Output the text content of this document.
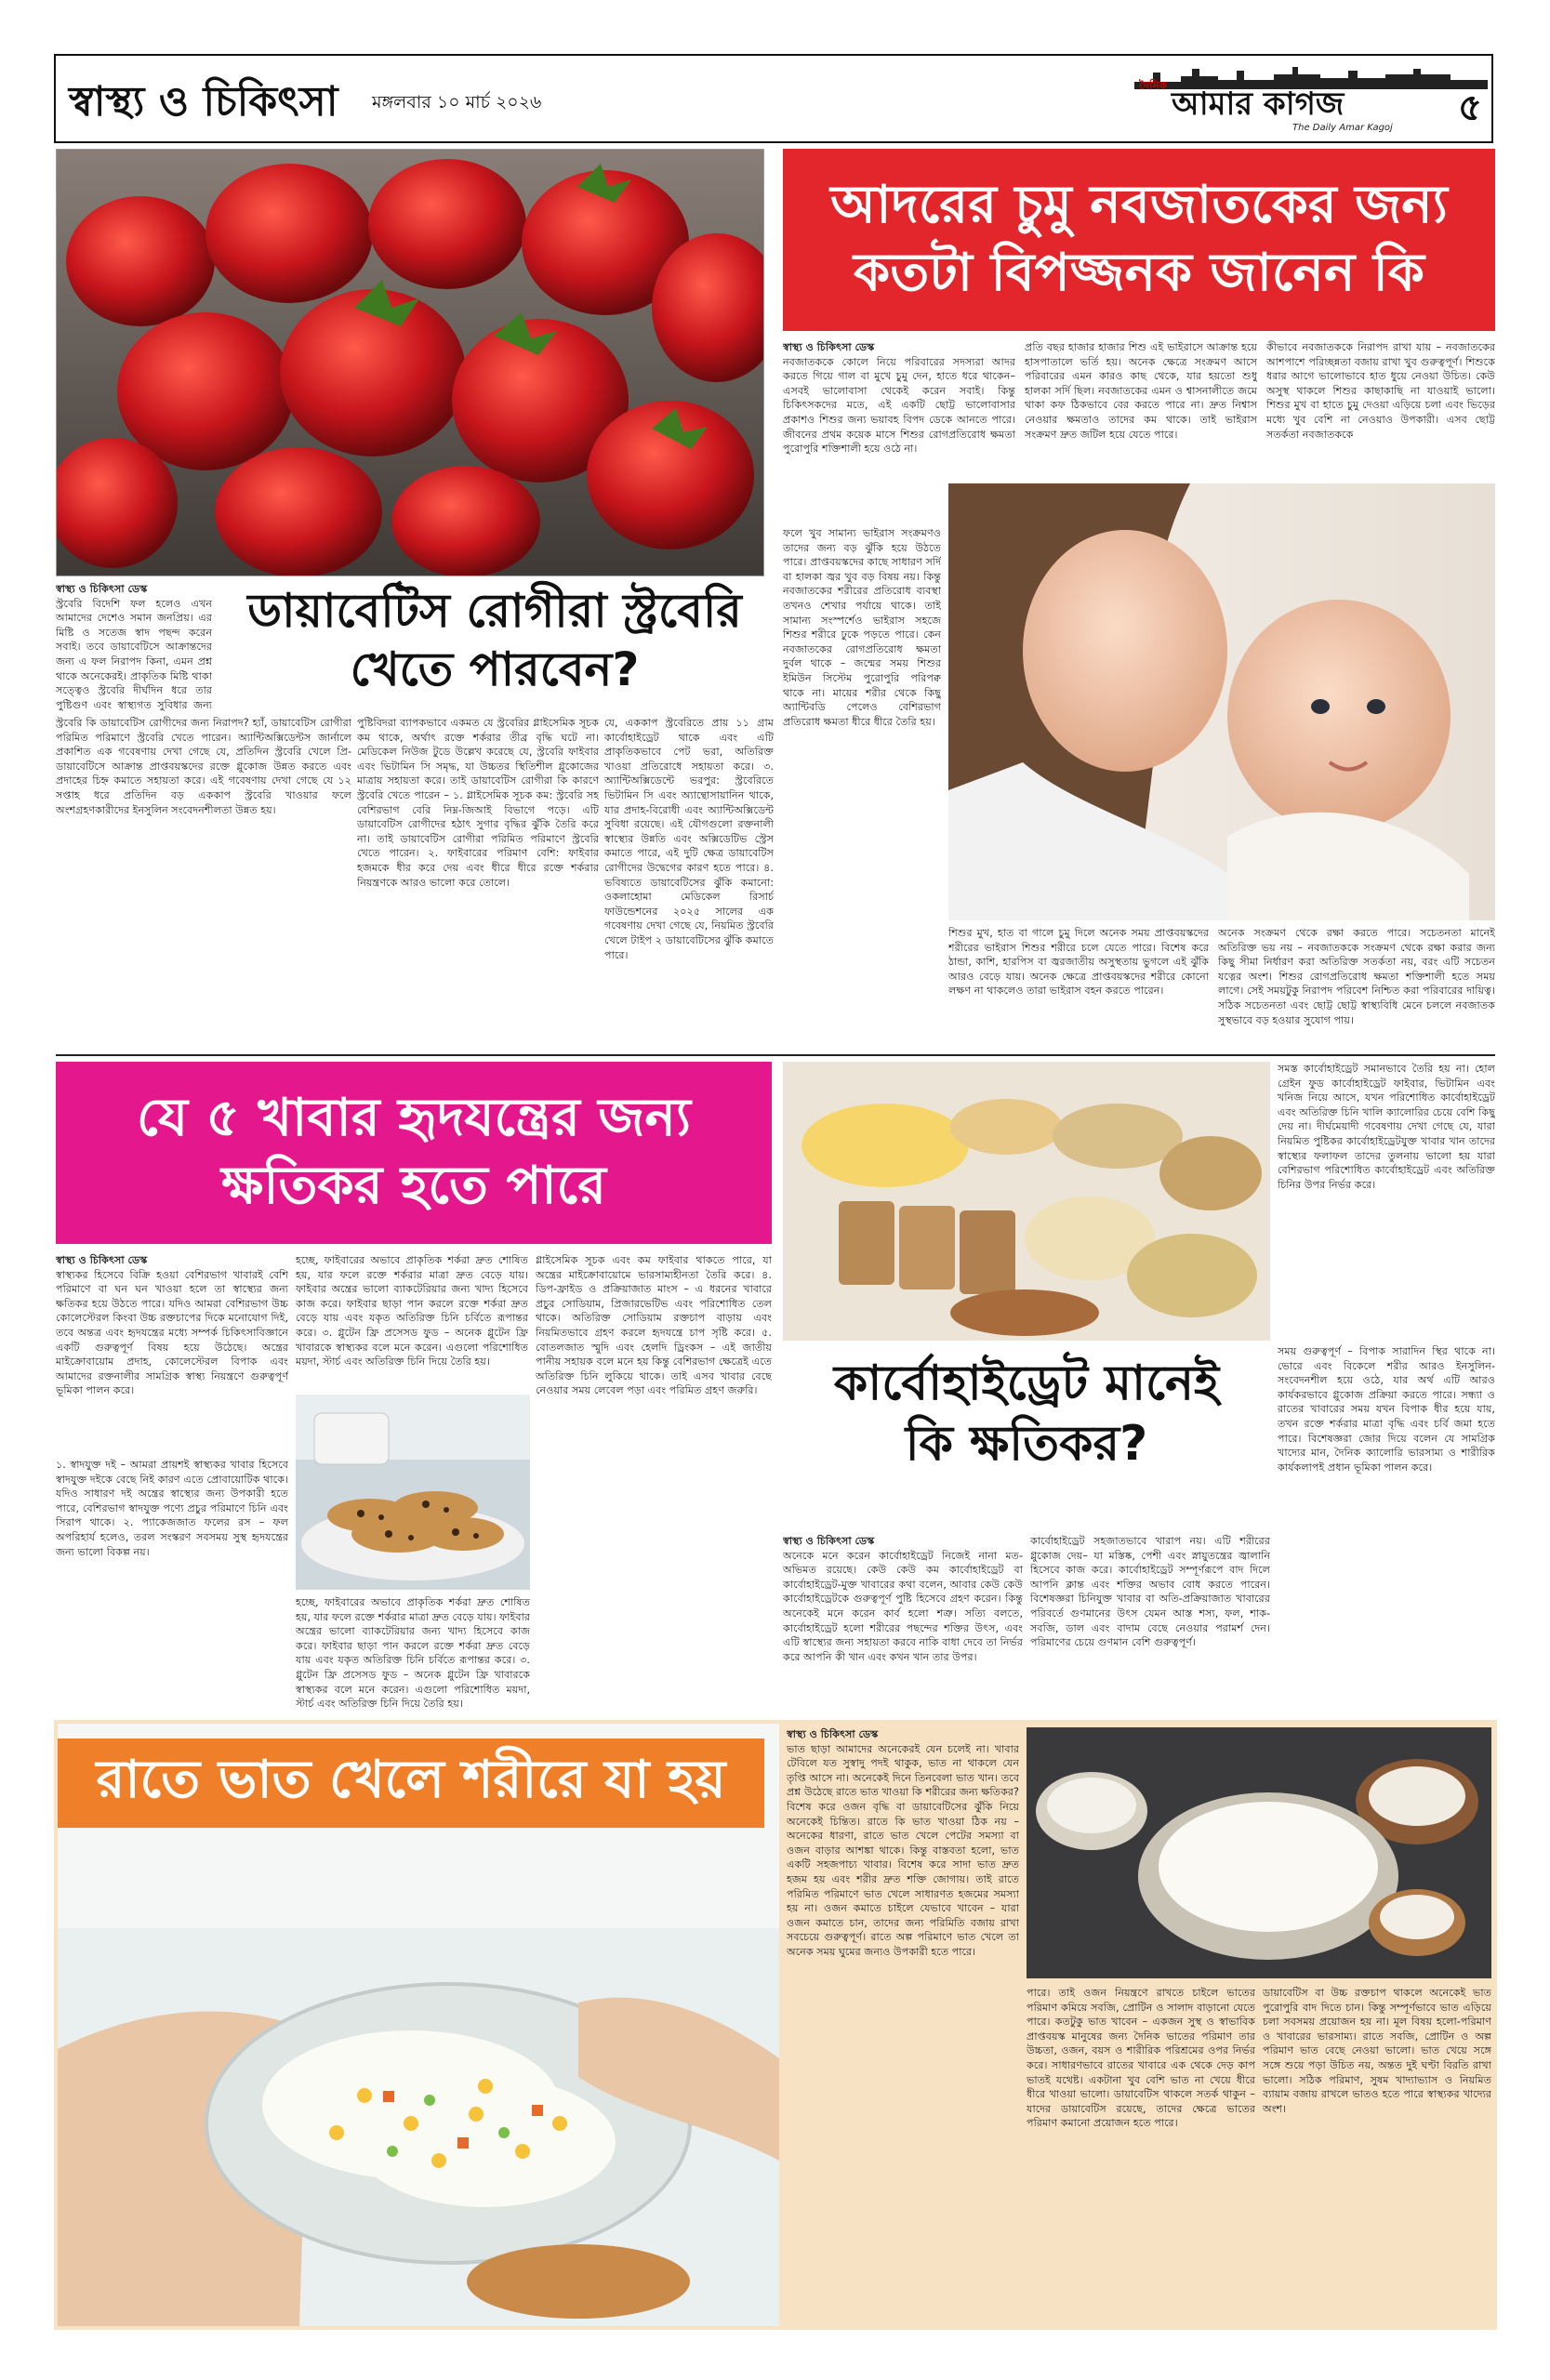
স্বাস্থ্য ও চিকিৎসা মঙ্গলবার ১০ মার্চ ২০২৬
দৈনিক আমার কাগজ
The Daily Amar Kagoj ৫
আদরের চুমু নবজাতকের জন্য
কতটা বিপজ্জনক জানেন কি
স্বাস্থ্য ও চিকিৎসা ডেস্ক
নবজাতককে কোলে নিয়ে পরিবারের সদস্যরা আদর করতে গিয়ে গাল বা মুখে চুমু দেন, হাতে ধরে থাকেন– এসবই ভালোবাসা থেকেই করেন সবাই। কিন্তু চিকিৎসকদের মতে, এই একটি ছোট্ট ভালোবাসার প্রকাশও শিশুর জন্য ভয়াবহ বিপদ ডেকে আনতে পারে। জীবনের প্রথম কয়েক মাসে শিশুর রোগপ্রতিরোধ ক্ষমতা পুরোপুরি শক্তিশালী হয়ে ওঠে না।
প্রতি বছর হাজার হাজার শিশু এই ভাইরাসে আক্রান্ত হয়ে হাসপাতালে ভর্তি হয়। অনেক ক্ষেত্রে সংক্রমণ আসে পরিবারের এমন কারও কাছ থেকে, যার হয়তো শুধু হালকা সর্দি ছিল। নবজাতকের এমন ও শ্বাসনালীতে জমে থাকা কফ ঠিকভাবে বের করতে পারে না। দ্রুত নিশ্বাস নেওয়ার ক্ষমতাও তাদের কম থাকে। তাই ভাইরাস সংক্রমণ দ্রুত জটিল হয়ে যেতে পারে।
কীভাবে নবজাতককে নিরাপদ রাখা যায় – নবজাতকের আশপাশে পরিচ্ছন্নতা বজায় রাখা খুব গুরুত্বপূর্ণ। শিশুকে ধরার আগে ভালোভাবে হাত ধুয়ে নেওয়া উচিত। কেউ অসুস্থ থাকলে শিশুর কাছাকাছি না যাওয়াই ভালো। শিশুর মুখ বা হাতে চুমু দেওয়া এড়িয়ে চলা এবং ভিড়ের মধ্যে খুব বেশি না নেওয়াও উপকারী। এসব ছোট্ট সতর্কতা নবজাতককে
ফলে খুব সামান্য ভাইরাস সংক্রমণও তাদের জন্য বড় ঝুঁকি হয়ে উঠতে পারে। প্রাপ্তবয়স্কদের কাছে সাধারণ সর্দি বা হালকা জ্বর খুব বড় বিষয় নয়। কিন্তু নবজাতকের শরীরের প্রতিরোধ ব্যবস্থা তখনও শেখার পর্যায়ে থাকে। তাই সামান্য সংস্পর্শেও ভাইরাস সহজে শিশুর শরীরে ঢুকে পড়তে পারে। কেন নবজাতকের রোগপ্রতিরোধ ক্ষমতা দুর্বল থাকে – জন্মের সময় শিশুর ইমিউন সিস্টেম পুরোপুরি পরিপক্ব থাকে না। মায়ের শরীর থেকে কিছু অ্যান্টিবডি পেলেও বেশিরভাগ প্রতিরোধ ক্ষমতা ধীরে ধীরে তৈরি হয়।
শিশুর মুখ, হাত বা গালে চুমু দিলে অনেক সময় প্রাপ্তবয়স্কদের শরীরের ভাইরাস শিশুর শরীরে চলে যেতে পারে। বিশেষ করে ঠান্ডা, কাশি, হারপিস বা জ্বরজাতীয় অসুস্থতায় ভুগলে এই ঝুঁকি আরও বেড়ে যায়। অনেক ক্ষেত্রে প্রাপ্তবয়স্কদের শরীরে কোনো লক্ষণ না থাকলেও তারা ভাইরাস বহন করতে পারেন।
অনেক সংক্রমণ থেকে রক্ষা করতে পারে। সচেতনতা মানেই অতিরিক্ত ভয় নয় – নবজাতককে সংক্রমণ থেকে রক্ষা করার জন্য কিছু সীমা নির্ধারণ করা অতিরিক্ত সতর্কতা নয়, বরং এটি সচেতন যত্নের অংশ। শিশুর রোগপ্রতিরোধ ক্ষমতা শক্তিশালী হতে সময় লাগে। সেই সময়টুকু নিরাপদ পরিবেশ নিশ্চিত করা পরিবারের দায়িত্ব। সঠিক সচেতনতা এবং ছোট্ট ছোট্ট স্বাস্থ্যবিধি মেনে চললে নবজাতক সুস্থভাবে বড় হওয়ার সুযোগ পায়।
ডায়াবেটিস রোগীরা স্ট্রবেরি
খেতে পারবেন?
স্বাস্থ্য ও চিকিৎসা ডেস্ক
স্ট্রবেরি বিদেশি ফল হলেও এখন আমাদের দেশেও সমান জনপ্রিয়। এর মিষ্টি ও সতেজ স্বাদ পছন্দ করেন সবাই। তবে ডায়াবেটিসে আক্রান্তদের জন্য এ ফল নিরাপদ কিনা, এমন প্রশ্ন থাকে অনেকেরই। প্রাকৃতিক মিষ্টি থাকা সত্ত্বেও স্ট্রবেরি দীর্ঘদিন ধরে তার পুষ্টিগুণ এবং স্বাস্থ্যগত সুবিধার জন্য
স্ট্রবেরি কি ডায়াবেটিস রোগীদের জন্য নিরাপদ? হ্যাঁ, ডায়াবেটিস রোগীরা পরিমিত পরিমাণে স্ট্রবেরি খেতে পারেন। অ্যান্টিঅক্সিডেন্টস জার্নালে প্রকাশিত এক গবেষণায় দেখা গেছে যে, প্রতিদিন স্ট্রবেরি খেলে প্রি-ডায়াবেটিসে আক্রান্ত প্রাপ্তবয়স্কদের রক্তে গ্লুকোজ উন্নত করতে এবং প্রদাহের চিহ্ন কমাতে সহায়তা করে। এই গবেষণায় দেখা গেছে যে ১২ সপ্তাহ ধরে প্রতিদিন বড় এককাপ স্ট্রবেরি খাওয়ার ফলে অংশগ্রহণকারীদের ইনসুলিন সংবেদনশীলতা উন্নত হয়।
পুষ্টিবিদরা ব্যাপকভাবে একমত যে স্ট্রবেরির গ্লাইসেমিক সূচক কম থাকে, অর্থাৎ রক্তে শর্করার তীব্র বৃদ্ধি ঘটে না। মেডিকেল নিউজ টুডে উল্লেখ করেছে যে, স্ট্রবেরি ফাইবার এবং ভিটামিন সি সমৃদ্ধ, যা উচ্চতর স্থিতিশীল গ্লুকোজের মাত্রায় সহায়তা করে। তাই ডায়াবেটিস রোগীরা কি কারণে স্ট্রবেরি খেতে পারেন – ১. গ্লাইসেমিক সূচক কম: স্ট্রবেরি সহ বেশিরভাগ বেরি নিম্ন-জিআই বিভাগে পড়ে। এটি ডায়াবেটিস রোগীদের হঠাৎ সুগার বৃদ্ধির ঝুঁকি তৈরি করে না। তাই ডায়াবেটিস রোগীরা পরিমিত পরিমাণে স্ট্রবেরি খেতে পারেন। ২. ফাইবারের পরিমাণ বেশি: ফাইবার হজমকে ধীর করে দেয় এবং ধীরে ধীরে রক্তে শর্করার নিয়ন্ত্রণকে আরও ভালো করে তোলে।
যে, এককাপ স্ট্রবেরিতে প্রায় ১১ গ্রাম কার্বোহাইড্রেট থাকে এবং এটি প্রাকৃতিকভাবে পেট ভরা, অতিরিক্ত খাওয়া প্রতিরোধে সহায়তা করে। ৩. অ্যান্টিঅক্সিডেন্টে ভরপুর: স্ট্রবেরিতে ভিটামিন সি এবং অ্যান্থোসায়ানিন থাকে, যার প্রদাহ-বিরোধী এবং অ্যান্টিঅক্সিডেন্ট সুবিধা রয়েছে। এই যৌগগুলো রক্তনালী স্বাস্থ্যের উন্নতি এবং অক্সিডেটিভ স্ট্রেস কমাতে পারে, এই দুটি ক্ষেত্র ডায়াবেটিস রোগীদের উদ্বেগের কারণ হতে পারে। ৪. ভবিষ্যতে ডায়াবেটিসের ঝুঁকি কমানো: ওকলাহোমা মেডিকেল রিসার্চ ফাউন্ডেশনের ২০২৫ সালের এক গবেষণায় দেখা গেছে যে, নিয়মিত স্ট্রবেরি খেলে টাইপ ২ ডায়াবেটিসের ঝুঁকি কমাতে পারে।
যে ৫ খাবার হৃদযন্ত্রের জন্য
ক্ষতিকর হতে পারে
স্বাস্থ্য ও চিকিৎসা ডেস্ক
স্বাস্থ্যকর হিসেবে বিক্রি হওয়া বেশিরভাগ খাবারই বেশি পরিমাণে বা ঘন ঘন খাওয়া হলে তা স্বাস্থ্যের জন্য ক্ষতিকর হয়ে উঠতে পারে। যদিও আমরা বেশিরভাগ উচ্চ কোলেস্টেরল কিংবা উচ্চ রক্তচাপের দিকে মনোযোগ দিই, তবে অন্তত্র এবং হৃদযন্ত্রের মধ্যে সম্পর্ক চিকিৎসাবিজ্ঞানে একটি গুরুত্বপূর্ণ বিষয় হয়ে উঠেছে। অন্ত্রের মাইক্রোবায়োম প্রদাহ, কোলেস্টেরল বিপাক এবং আমাদের রক্তনালীর সামগ্রিক স্বাস্থ্য নিয়ন্ত্রণে গুরুত্বপূর্ণ ভূমিকা পালন করে।
হচ্ছে, ফাইবারের অভাবে প্রাকৃতিক শর্করা দ্রুত শোষিত হয়, যার ফলে রক্তে শর্করার মাত্রা দ্রুত বেড়ে যায়। ফাইবার অন্ত্রের ভালো ব্যাকটেরিয়ার জন্য খাদ্য হিসেবে কাজ করে। ফাইবার ছাড়া পান করলে রক্তে শর্করা দ্রুত বেড়ে যায় এবং যকৃত অতিরিক্ত চিনি চর্বিতে রূপান্তর করে। ৩. গ্লুটেন ফ্রি প্রসেসড ফুড – অনেক গ্লুটেন ফ্রি খাবারকে স্বাস্থ্যকর বলে মনে করেন। এগুলো পরিশোধিত ময়দা, স্টার্চ এবং অতিরিক্ত চিনি দিয়ে তৈরি হয়।
গ্লাইসেমিক সূচক এবং কম ফাইবার থাকতে পারে, যা অন্ত্রের মাইক্রোবায়োমে ভারসাম্যহীনতা তৈরি করে। ৪. ডিপ-ফ্রাইড ও প্রক্রিয়াজাত মাংস – এ ধরনের খাবারে প্রচুর সোডিয়াম, প্রিজারভেটিভ এবং পরিশোধিত তেল থাকে। অতিরিক্ত সোডিয়াম রক্তচাপ বাড়ায় এবং নিয়মিতভাবে গ্রহণ করলে হৃদযন্ত্রে চাপ সৃষ্টি করে। ৫. বোতলজাত স্মুদি এবং হেলদি ড্রিংকস – এই জাতীয় পানীয় সহায়ক বলে মনে হয় কিন্তু বেশিরভাগ ক্ষেত্রেই এতে অতিরিক্ত চিনি লুকিয়ে থাকে। তাই এসব খাবার বেছে নেওয়ার সময় লেবেল পড়া এবং পরিমিত গ্রহণ জরুরি।
১. স্বাদযুক্ত দই – আমরা প্রায়শই স্বাস্থ্যকর খাবার হিসেবে স্বাদযুক্ত দইকে বেছে নিই কারণ এতে প্রোবায়োটিক থাকে। যদিও সাধারণ দই অন্ত্রের স্বাস্থ্যের জন্য উপকারী হতে পারে, বেশিরভাগ স্বাদযুক্ত পণ্যে প্রচুর পরিমাণে চিনি এবং সিরাপ থাকে। ২. প্যাকেজজাত ফলের রস – ফল অপরিহার্য হলেও, তরল সংস্করণ সবসময় সুস্থ হৃদযন্ত্রের জন্য ভালো বিকল্প নয়।
হচ্ছে, ফাইবারের অভাবে প্রাকৃতিক শর্করা দ্রুত শোষিত হয়, যার ফলে রক্তে শর্করার মাত্রা দ্রুত বেড়ে যায়। ফাইবার অন্ত্রের ভালো ব্যাকটেরিয়ার জন্য খাদ্য হিসেবে কাজ করে। ফাইবার ছাড়া পান করলে রক্তে শর্করা দ্রুত বেড়ে যায় এবং যকৃত অতিরিক্ত চিনি চর্বিতে রূপান্তর করে। ৩. গ্লুটেন ফ্রি প্রসেসড ফুড – অনেক গ্লুটেন ফ্রি খাবারকে স্বাস্থ্যকর বলে মনে করেন। এগুলো পরিশোধিত ময়দা, স্টার্চ এবং অতিরিক্ত চিনি দিয়ে তৈরি হয়।
সমস্ত কার্বোহাইড্রেট সমানভাবে তৈরি হয় না। হোল গ্রেইন ফুড কার্বোহাইড্রেট ফাইবার, ভিটামিন এবং খনিজ নিয়ে আসে, যখন পরিশোধিত কার্বোহাইড্রেট এবং অতিরিক্ত চিনি খালি ক্যালোরির চেয়ে বেশি কিছু দেয় না। দীর্ঘমেয়াদী গবেষণায় দেখা গেছে যে, যারা নিয়মিত পুষ্টিকর কার্বোহাইড্রেটযুক্ত খাবার খান তাদের স্বাস্থ্যের ফলাফল তাদের তুলনায় ভালো হয় যারা বেশিরভাগ পরিশোধিত কার্বোহাইড্রেট এবং অতিরিক্ত চিনির উপর নির্ভর করে।
কার্বোহাইড্রেট মানেই
কি ক্ষতিকর?
সময় গুরুত্বপূর্ণ – বিপাক সারাদিন স্থির থাকে না। ভোরে এবং বিকেলে শরীর আরও ইনসুলিন-সংবেদনশীল হয়ে ওঠে, যার অর্থ এটি আরও কার্যকরভাবে গ্লুকোজ প্রক্রিয়া করতে পারে। সন্ধ্যা ও রাতের খাবারের সময় যখন বিপাক ধীর হয়ে যায়, তখন রক্তে শর্করার মাত্রা বৃদ্ধি এবং চর্বি জমা হতে পারে। বিশেষজ্ঞরা জোর দিয়ে বলেন যে সামগ্রিক খাদ্যের মান, দৈনিক ক্যালোরি ভারসাম্য ও শারীরিক কার্যকলাপই প্রধান ভূমিকা পালন করে।
স্বাস্থ্য ও চিকিৎসা ডেস্ক
অনেকে মনে করেন কার্বোহাইড্রেট নিজেই নানা মত-অভিমত রয়েছে। কেউ কেউ কম কার্বোহাইড্রেট বা কার্বোহাইড্রেট-মুক্ত খাবারের কথা বলেন, আবার কেউ কেউ কার্বোহাইড্রেটকে গুরুত্বপূর্ণ পুষ্টি হিসেবে গ্রহণ করেন। কিন্তু অনেকেই মনে করেন কার্ব হলো শত্রু। সত্যি বলতে, কার্বোহাইড্রেট হলো শরীরের পছন্দের শক্তির উৎস, এবং এটি স্বাস্থ্যের জন্য সহায়তা করবে নাকি বাধা দেবে তা নির্ভর করে আপনি কী খান এবং কখন খান তার উপর।
কার্বোহাইড্রেট সহজাতভাবে খারাপ নয়। এটি শরীরের গ্লুকোজ দেয়– যা মস্তিষ্ক, পেশী এবং স্নায়ুতন্ত্রের জ্বালানি হিসেবে কাজ করে। কার্বোহাইড্রেট সম্পূর্ণরূপে বাদ দিলে আপনি ক্লান্ত এবং শক্তির অভাব বোধ করতে পারেন। বিশেষজ্ঞরা চিনিযুক্ত খাবার বা অতি-প্রক্রিয়াজাত খাবারের পরিবর্তে গুণমানের উৎস যেমন আস্ত শস্য, ফল, শাক-সবজি, ডাল এবং বাদাম বেছে নেওয়ার পরামর্শ দেন। পরিমাণের চেয়ে গুণমান বেশি গুরুত্বপূর্ণ।
রাতে ভাত খেলে শরীরে যা হয়
স্বাস্থ্য ও চিকিৎসা ডেস্ক
ভাত ছাড়া আমাদের অনেকেরই যেন চলেই না। খাবার টেবিলে যত সুস্বাদু পদই থাকুক, ভাত না থাকলে যেন তৃপ্তি আসে না। অনেকেই দিনে তিনবেলা ভাত খান। তবে প্রশ্ন উঠেছে রাতে ভাত খাওয়া কি শরীরের জন্য ক্ষতিকর? বিশেষ করে ওজন বৃদ্ধি বা ডায়াবেটিসের ঝুঁকি নিয়ে অনেকেই চিন্তিত। রাতে কি ভাত খাওয়া ঠিক নয় – অনেকের ধারণা, রাতে ভাত খেলে পেটের সমস্যা বা ওজন বাড়ার আশঙ্কা থাকে। কিন্তু বাস্তবতা হলো, ভাত একটি সহজপাচ্য খাবার। বিশেষ করে সাদা ভাত দ্রুত হজম হয় এবং শরীর দ্রুত শক্তি জোগায়। তাই রাতে পরিমিত পরিমাণে ভাত খেলে সাধারণত হজমের সমস্যা হয় না। ওজন কমাতে চাইলে যেভাবে খাবেন – যারা ওজন কমাতে চান, তাদের জন্য পরিমিতি বজায় রাখা সবচেয়ে গুরুত্বপূর্ণ। রাতে অল্প পরিমাণে ভাত খেলে তা অনেক সময় ঘুমের জন্যও উপকারী হতে পারে।
পারে। তাই ওজন নিয়ন্ত্রণে রাখতে চাইলে ভাতের পরিমাণ কমিয়ে সবজি, প্রোটিন ও সালাদ বাড়ানো যেতে পারে। কতটুকু ভাত খাবেন – একজন সুস্থ ও স্বাভাবিক প্রাপ্তবয়স্ক মানুষের জন্য দৈনিক ভাতের পরিমাণ তার উচ্চতা, ওজন, বয়স ও শারীরিক পরিশ্রমের ওপর নির্ভর করে। সাধারণভাবে রাতের খাবারে এক থেকে দেড় কাপ ভাতই যথেষ্ট। একটানা খুব বেশি ভাত না খেয়ে ধীরে ধীরে খাওয়া ভালো। ডায়াবেটিস থাকলে সতর্ক থাকুন – যাদের ডায়াবেটিস রয়েছে, তাদের ক্ষেত্রে ভাতের পরিমাণ কমানো প্রয়োজন হতে পারে।
ডায়াবেটিস বা উচ্চ রক্তচাপ থাকলে অনেকেই ভাত পুরোপুরি বাদ দিতে চান। কিন্তু সম্পূর্ণভাবে ভাত এড়িয়ে চলা সবসময় প্রয়োজন হয় না। মূল বিষয় হলো-পরিমাণ ও খাবারের ভারসাম্য। রাতে সবজি, প্রোটিন ও অল্প পরিমাণ ভাত বেছে নেওয়া ভালো। ভাত খেয়ে সঙ্গে সঙ্গে শুয়ে পড়া উচিত নয়, অন্তত দুই ঘণ্টা বিরতি রাখা ভালো। সঠিক পরিমাণ, সুষম খাদ্যাভ্যাস ও নিয়মিত ব্যায়াম বজায় রাখলে ভাতও হতে পারে স্বাস্থ্যকর খাদ্যের অংশ।
